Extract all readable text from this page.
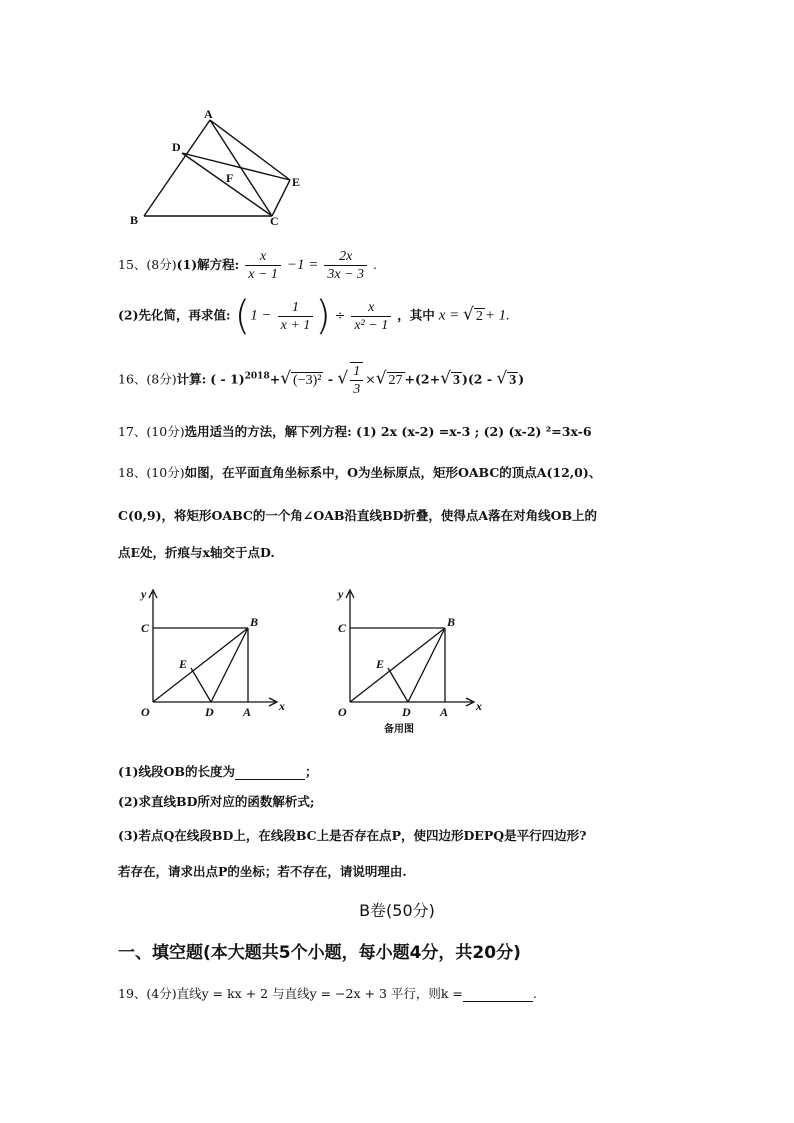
A
D
F	E
B	C
15、(8分)(1)解方程: $\frac{x}{x - 1} -1 = \frac{2x}{3x - 3}$ .
(2)先化简，再求值: ($1 - \frac{1}{x + 1}$ ) ÷ $\frac{x}{\text{x² − 1}}$ ，其中 x = √ 2 + 1.
16、(8分)计算: ( - 1)$^{2018}$+√ (−3)² - √ $\frac{1}{3}$ ×√ 27 +(2+√ 3 )(2 - √ 3 )
17、(10分)选用适当的方法，解下列方程: (1) 2x (x-2) =x-3 ; (2) (x-2) ²=3x-6
18、(10分)如图，在平面直角坐标系中，O为坐标原点，矩形OABC的顶点A(12,0)、
C(0,9)，将矩形OABC的一个角∠OAB沿直线BD折叠，使得点A落在对角线OB上的
点E处，折痕与x轴交于点D.
y
x
C	B
E
O	D A
y
x
C	B
E
O	D A
备用图
(1)线段OB的长度为	；
(2)求直线BD所对应的函数解析式;
(3)若点Q在线段BD上，在线段BC上是否存在点P，使四边形DEPQ是平行四边形?
若存在，请求出点P的坐标；若不存在，请说明理由.
B卷(50分)
一、填空题(本大题共5个小题，每小题4分，共20分)
19、(4分)直线y = kx + 2 与直线y = −2x + 3 平行，则k =	.
